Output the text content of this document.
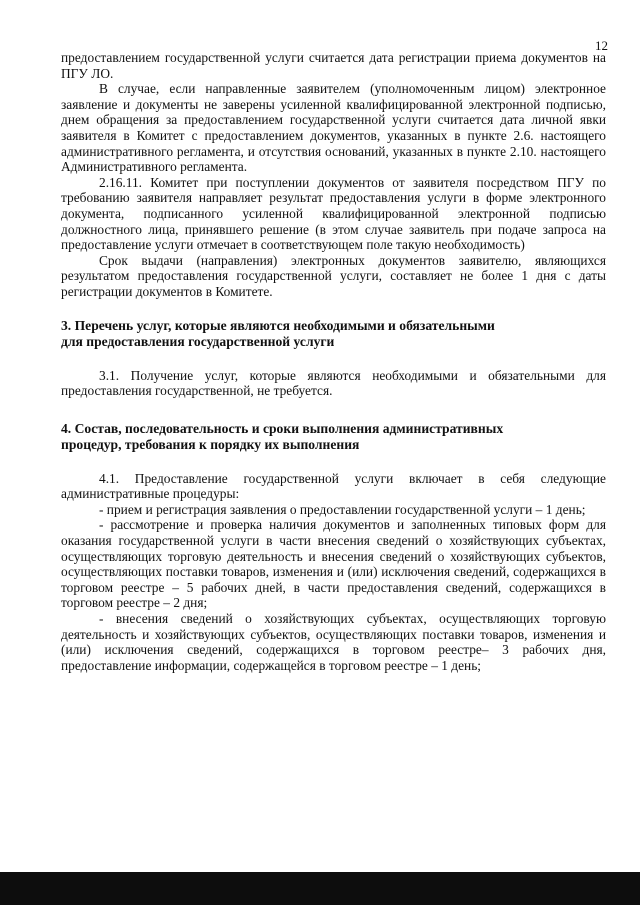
12

предоставлением государственной услуги считается дата регистрации приема документов на ПГУ ЛО.

В случае, если направленные заявителем (уполномоченным лицом) электронное заявление и документы не заверены усиленной квалифицированной электронной подписью, днем обращения за предоставлением государственной услуги считается дата личной явки заявителя в Комитет с предоставлением документов, указанных в пункте 2.6. настоящего административного регламента, и отсутствия оснований, указанных в пункте 2.10. настоящего Административного регламента.

2.16.11. Комитет при поступлении документов от заявителя посредством ПГУ по требованию заявителя направляет результат предоставления услуги в форме электронного документа, подписанного усиленной квалифицированной электронной подписью должностного лица, принявшего решение (в этом случае заявитель при подаче запроса на предоставление услуги отмечает в соответствующем поле такую необходимость)

Срок выдачи (направления) электронных документов заявителю, являющихся результатом предоставления государственной услуги, составляет не более 1 дня с даты регистрации документов в Комитете.

3. Перечень услуг, которые являются необходимыми и обязательными

для предоставления государственной услуги

3.1. Получение услуг, которые являются необходимыми и обязательными для предоставления государственной, не требуется.

4. Состав, последовательность и сроки выполнения административных

процедур, требования к порядку их выполнения

4.1. Предоставление государственной услуги включает в себя следующие административные процедуры:

- прием и регистрация заявления о предоставлении государственной услуги – 1 день;

- рассмотрение и проверка наличия документов и заполненных типовых форм для оказания государственной услуги в части внесения сведений о хозяйствующих субъектах, осуществляющих торговую деятельность и внесения сведений о хозяйствующих субъектов, осуществляющих поставки товаров, изменения и (или) исключения сведений, содержащихся в торговом реестре – 5 рабочих дней, в части предоставления сведений, содержащихся в торговом реестре – 2 дня;

- внесения сведений о хозяйствующих субъектах, осуществляющих торговую деятельность и хозяйствующих субъектов, осуществляющих поставки товаров, изменения и (или) исключения сведений, содержащихся в торговом реестре– 3 рабочих дня, предоставление информации, содержащейся в торговом реестре – 1 день;
